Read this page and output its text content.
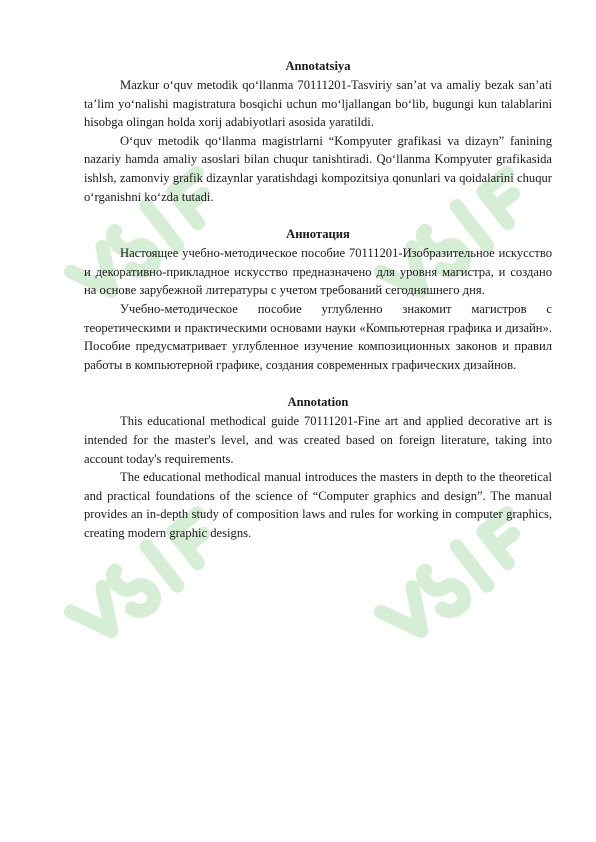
Annotatsiya

Mazkur o‘quv metodik qo‘llanma 70111201-Tasviriy san’at va amaliy bezak san’ati ta’lim yo‘nalishi magistratura bosqichi uchun mo‘ljallangan bo‘lib, bugungi kun talablarini hisobga olingan holda xorij adabiyotlari asosida yaratildi.

O‘quv metodik qo‘llanma magistrlarni “Kompyuter grafikasi va dizayn” fanining nazariy hamda amaliy asoslari bilan chuqur tanishtiradi. Qo‘llanma Kompyuter grafikasida ishlsh, zamonviy grafik dizaynlar yaratishdagi kompozitsiya qonunlari va qoidalarini chuqur o‘rganishni ko‘zda tutadi.

Аннотация

Настоящее учебно-методическое пособие 70111201-Изобразительное искусство и декоративно-прикладное искусство предназначено для уровня магистра, и создано на основе зарубежной литературы с учетом требований сегодняшнего дня.

Учебно-методическое пособие углубленно знакомит магистров с теоретическими и практическими основами науки «Компьютерная графика и дизайн». Пособие предусматривает углубленное изучение композиционных законов и правил работы в компьютерной графике, создания современных графических дизайнов.

Annotation

This educational methodical guide 70111201-Fine art and applied decorative art is intended for the master's level, and was created based on foreign literature, taking into account today's requirements.

The educational methodical manual introduces the masters in depth to the theoretical and practical foundations of the science of “Computer graphics and design”. The manual provides an in-depth study of composition laws and rules for working in computer graphics, creating modern graphic designs.
